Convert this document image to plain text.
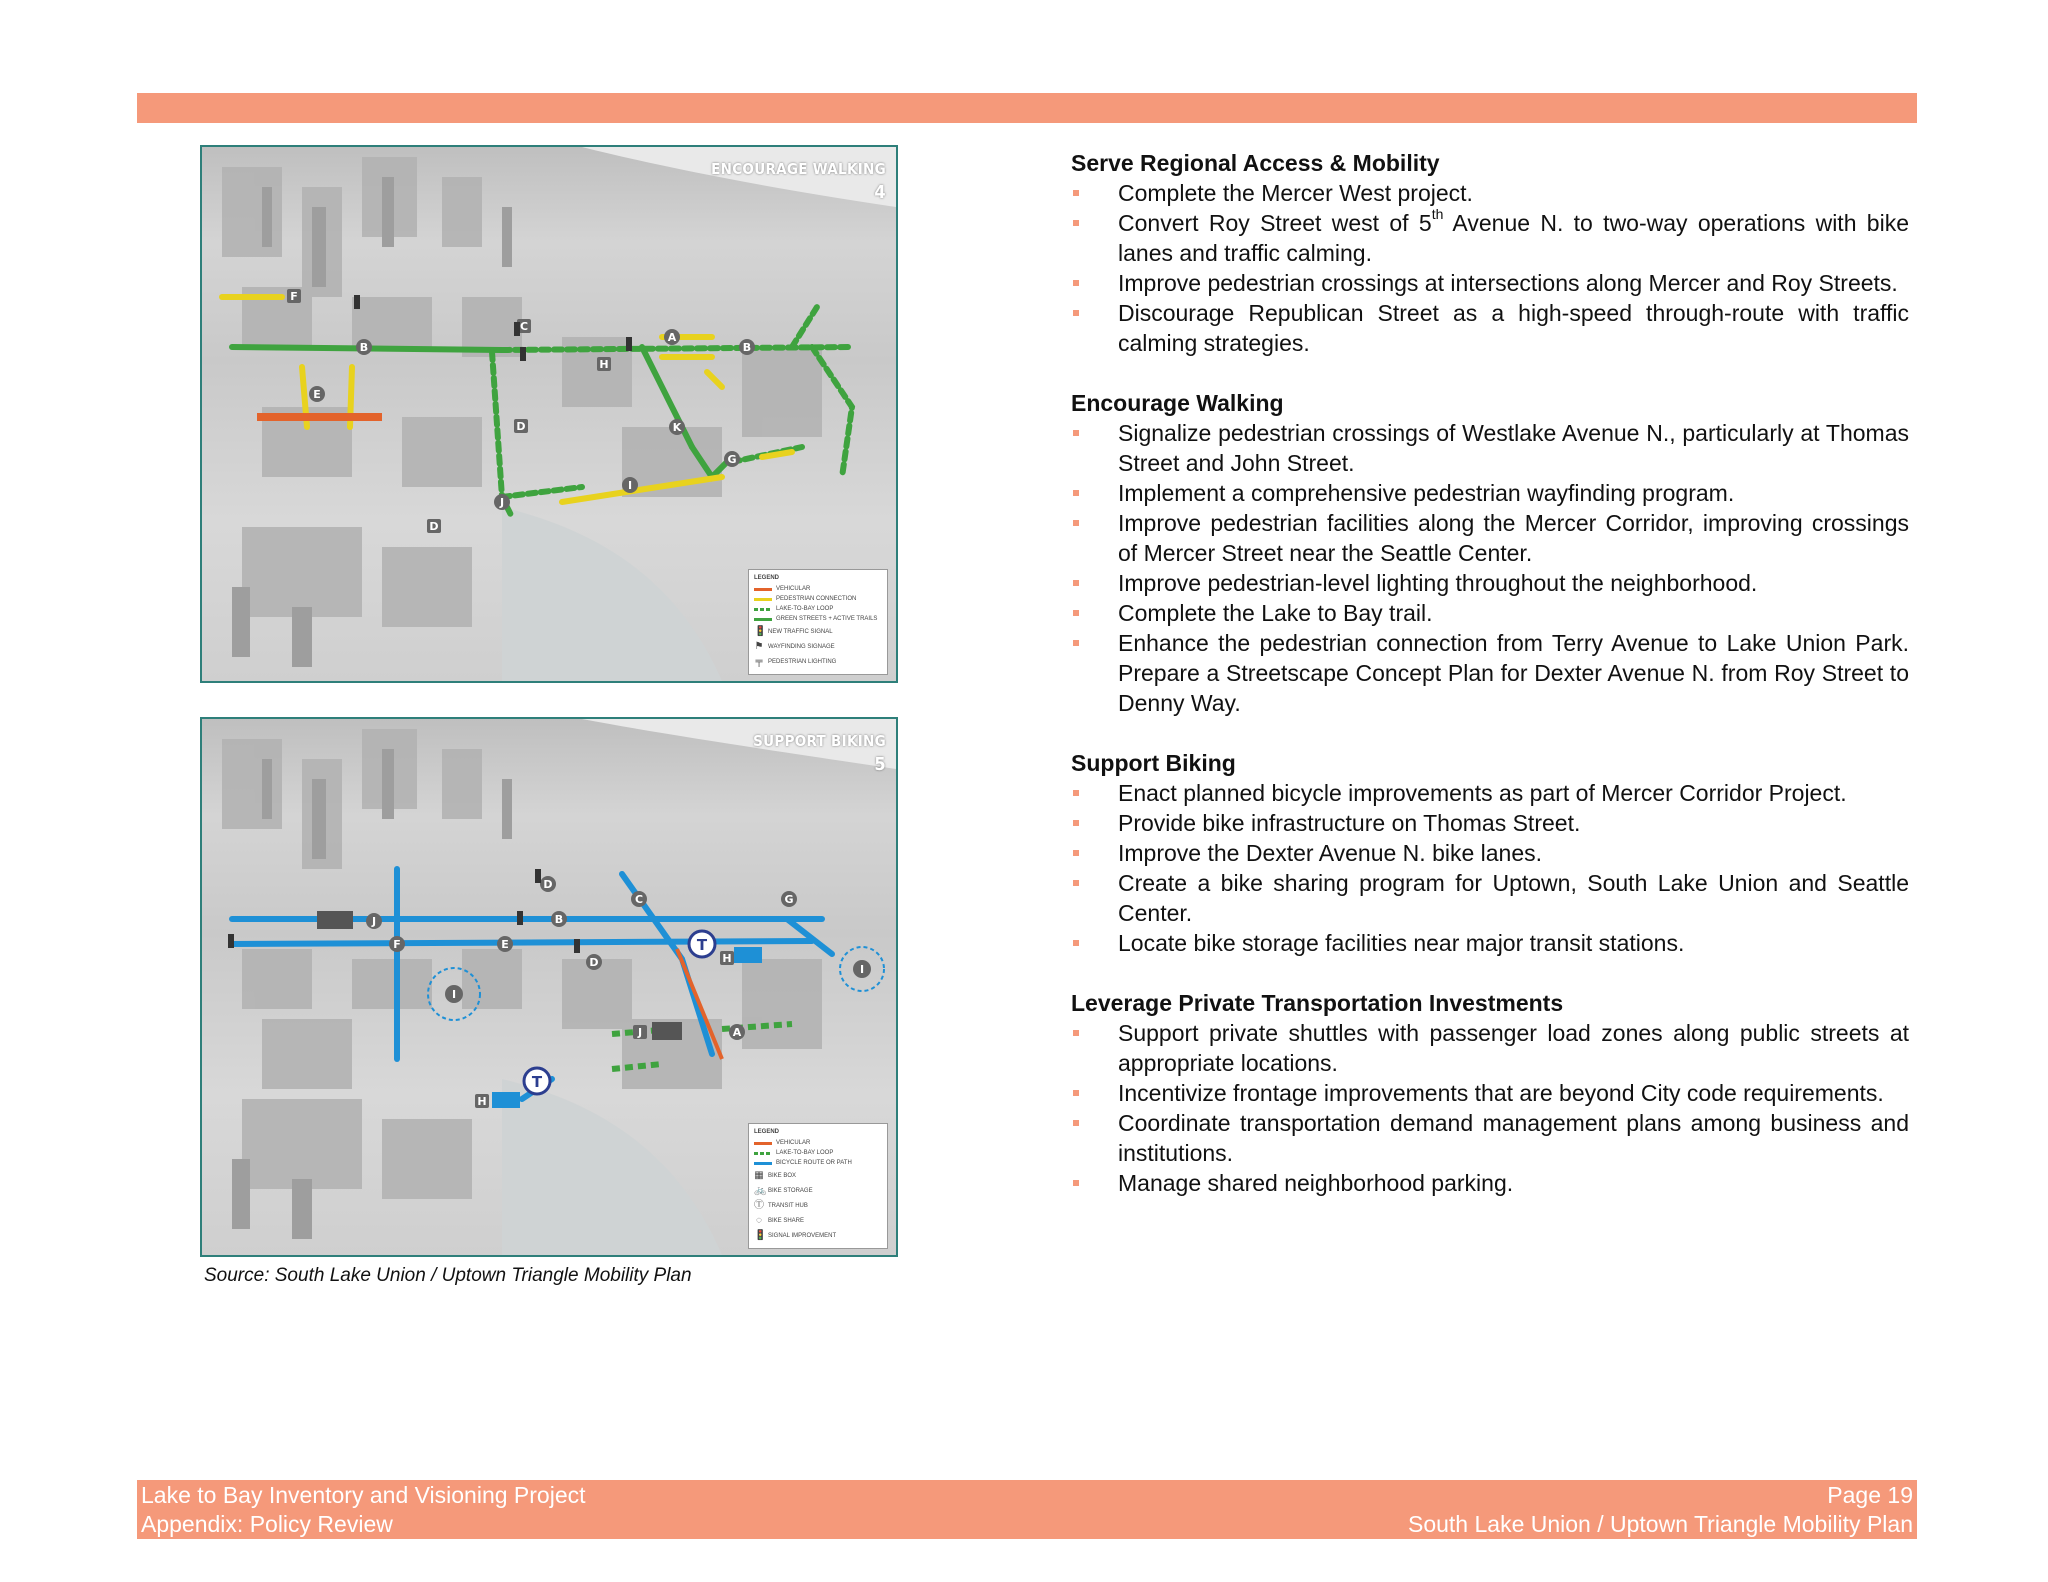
F
B
C
H
A
B
E
D	K
G
I
J
D
ENCOURAGE WALKING
4
LEGEND
VEHICULAR
PEDESTRIAN CONNECTION
LAKE-TO-BAY LOOP
GREEN STREETS + ACTIVE TRAILS
🚦 NEW TRAFFIC SIGNAL
⚑ WAYFINDING SIGNAGE
╤ PEDESTRIAN LIGHTING
I
I
J	B
C	G
E
D
D
F
H
A
J
H
T
T
SUPPORT BIKING
5
LEGEND
VEHICULAR
LAKE-TO-BAY LOOP
BICYCLE ROUTE OR PATH
▦ BIKE BOX
🚲 BIKE STORAGE
Ⓣ TRANSIT HUB
◌	BIKE SHARE
🚦 SIGNAL IMPROVEMENT
Source: South Lake Union / Uptown Triangle Mobility Plan

Serve Regional Access & Mobility

Complete the Mercer West project.
Convert Roy Street west of 5th Avenue N. to two-way operations with bike lanes and traffic calming.
Improve pedestrian crossings at intersections along Mercer and Roy Streets.
Discourage Republican Street as a high-speed through-route with traffic calming strategies.

Encourage Walking

Signalize pedestrian crossings of Westlake Avenue N., particularly at Thomas Street and John Street.
Implement a comprehensive pedestrian wayfinding program.
Improve pedestrian facilities along the Mercer Corridor, improving crossings of Mercer Street near the Seattle Center.
Improve pedestrian-level lighting throughout the neighborhood.
Complete the Lake to Bay trail.
Enhance the pedestrian connection from Terry Avenue to Lake Union Park. Prepare a Streetscape Concept Plan for Dexter Avenue N. from Roy Street to Denny Way.

Support Biking

Enact planned bicycle improvements as part of Mercer Corridor Project.
Provide bike infrastructure on Thomas Street.
Improve the Dexter Avenue N. bike lanes.
Create a bike sharing program for Uptown, South Lake Union and Seattle Center.
Locate bike storage facilities near major transit stations.

Leverage Private Transportation Investments

Support private shuttles with passenger load zones along public streets at appropriate locations.
Incentivize frontage improvements that are beyond City code requirements.
Coordinate transportation demand management plans among business and institutions.
Manage shared neighborhood parking.
Lake to Bay Inventory and Visioning Project
Appendix: Policy Review
Page 19
South Lake Union / Uptown Triangle Mobility Plan
